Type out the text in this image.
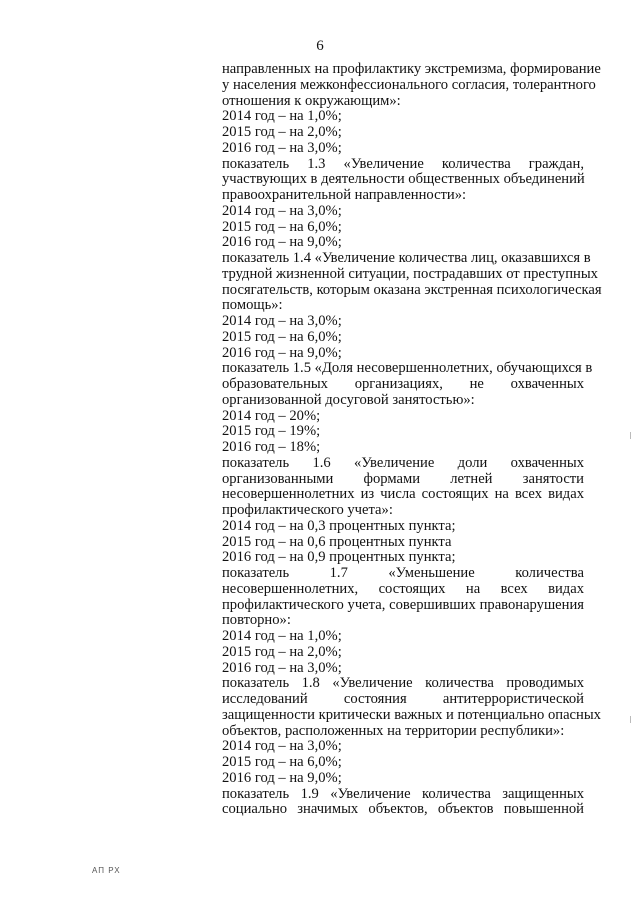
6
направленных на профилактику экстремизма, формирование
у населения межконфессионального согласия, толерантного
отношения к окружающим»:
2014 год – на 1,0%;
2015 год – на 2,0%;
2016 год – на 3,0%;
показатель 1.3 «Увеличение количества граждан,
участвующих в деятельности общественных объединений
правоохранительной направленности»:
2014 год – на 3,0%;
2015 год – на 6,0%;
2016 год – на 9,0%;
показатель 1.4 «Увеличение количества лиц, оказавшихся в
трудной жизненной ситуации, пострадавших от преступных
посягательств, которым оказана экстренная психологическая
помощь»:
2014 год – на 3,0%;
2015 год – на 6,0%;
2016 год – на 9,0%;
показатель 1.5 «Доля несовершеннолетних, обучающихся в
образовательных организациях, не охваченных
организованной досуговой занятостью»:
2014 год – 20%;
2015 год – 19%;
2016 год – 18%;
показатель 1.6 «Увеличение доли охваченных
организованными формами летней занятости
несовершеннолетних из числа состоящих на всех видах
профилактического учета»:
2014 год – на 0,3 процентных пункта;
2015 год – на 0,6 процентных пункта
2016 год – на 0,9 процентных пункта;
показатель 1.7 «Уменьшение количества
несовершеннолетних, состоящих на всех видах
профилактического учета, совершивших правонарушения
повторно»:
2014 год – на 1,0%;
2015 год – на 2,0%;
2016 год – на 3,0%;
показатель 1.8 «Увеличение количества проводимых
исследований состояния антитеррористической
защищенности критически важных и потенциально опасных
объектов, расположенных на территории республики»:
2014 год – на 3,0%;
2015 год – на 6,0%;
2016 год – на 9,0%;
показатель 1.9 «Увеличение количества защищенных
социально значимых объектов, объектов повышенной
АП РХ
